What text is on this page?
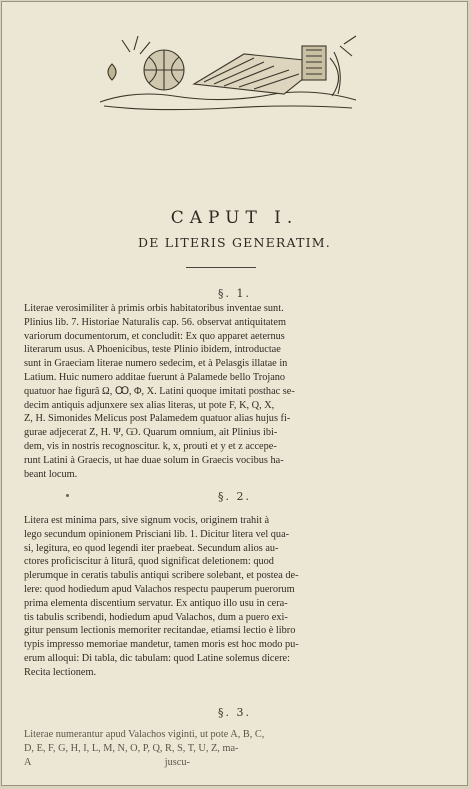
CAPUT I.
DE LITERIS GENERATIM.
§. 1.
Literae verosimiliter à primis orbis habitatoribus inventae sunt.
Plinius lib. 7. Historiae Naturalis cap. 56. observat antiquitatem
variorum documentorum, et concludit: Ex quo apparet aeternus
literarum usus. A Phoenicibus, teste Plinio ibidem, introductae
sunt in Graeciam literae numero sedecim, et à Pelasgis illatae in
Latium. Huic numero additae fuerunt à Palamede bello Trojano
quatuor hae figurâ Ω, Ꝏ, Φ, X. Latini quoque imitati posthac se-
decim antiquis adjunxere sex alias literas, ut pote F, K, Q, X,
Z, H. Simonides Melicus post Palamedem quatuor alias hujus fi-
gurae adjecerat Z, H. Ψ, Ѡ. Quarum omnium, ait Plinius ibi-
dem, vis in nostris recognoscitur. k, x, prouti et y et z accepe-
runt Latini à Graecis, ut hae duae solum in Graecis vocibus ha-
beant locum.
§. 2.
Litera est minima pars, sive signum vocis, originem trahit à
lego secundum opinionem Prisciani lib. 1. Dicitur litera vel qua-
si, legitura, eo quod legendi iter praebeat. Secundum alios au-
ctores proficiscitur à liturâ, quod significat deletionem: quod
plerumque in ceratis tabulis antiqui scribere solebant, et postea de-
lere: quod hodiedum apud Valachos respectu pauperum puerorum
prima elementa discentium servatur. Ex antiquo illo usu in cera-
tis tabulis scribendi, hodiedum apud Valachos, dum a puero exi-
gitur pensum lectionis memoriter recitandae, etiamsi lectio è libro
typis impresso memoriae mandetur, tamen moris est hoc modo pu-
erum alloqui: Di tabla, dic tabulam: quod Latine solemus dicere:
Recita lectionem.
§. 3.
Literae numerantur apud Valachos viginti, ut pote A, B, C,
D, E, F, G, H, I, L, M, N, O, P, Q, R, S, T, U, Z, ma-
A                                                    juscu-
